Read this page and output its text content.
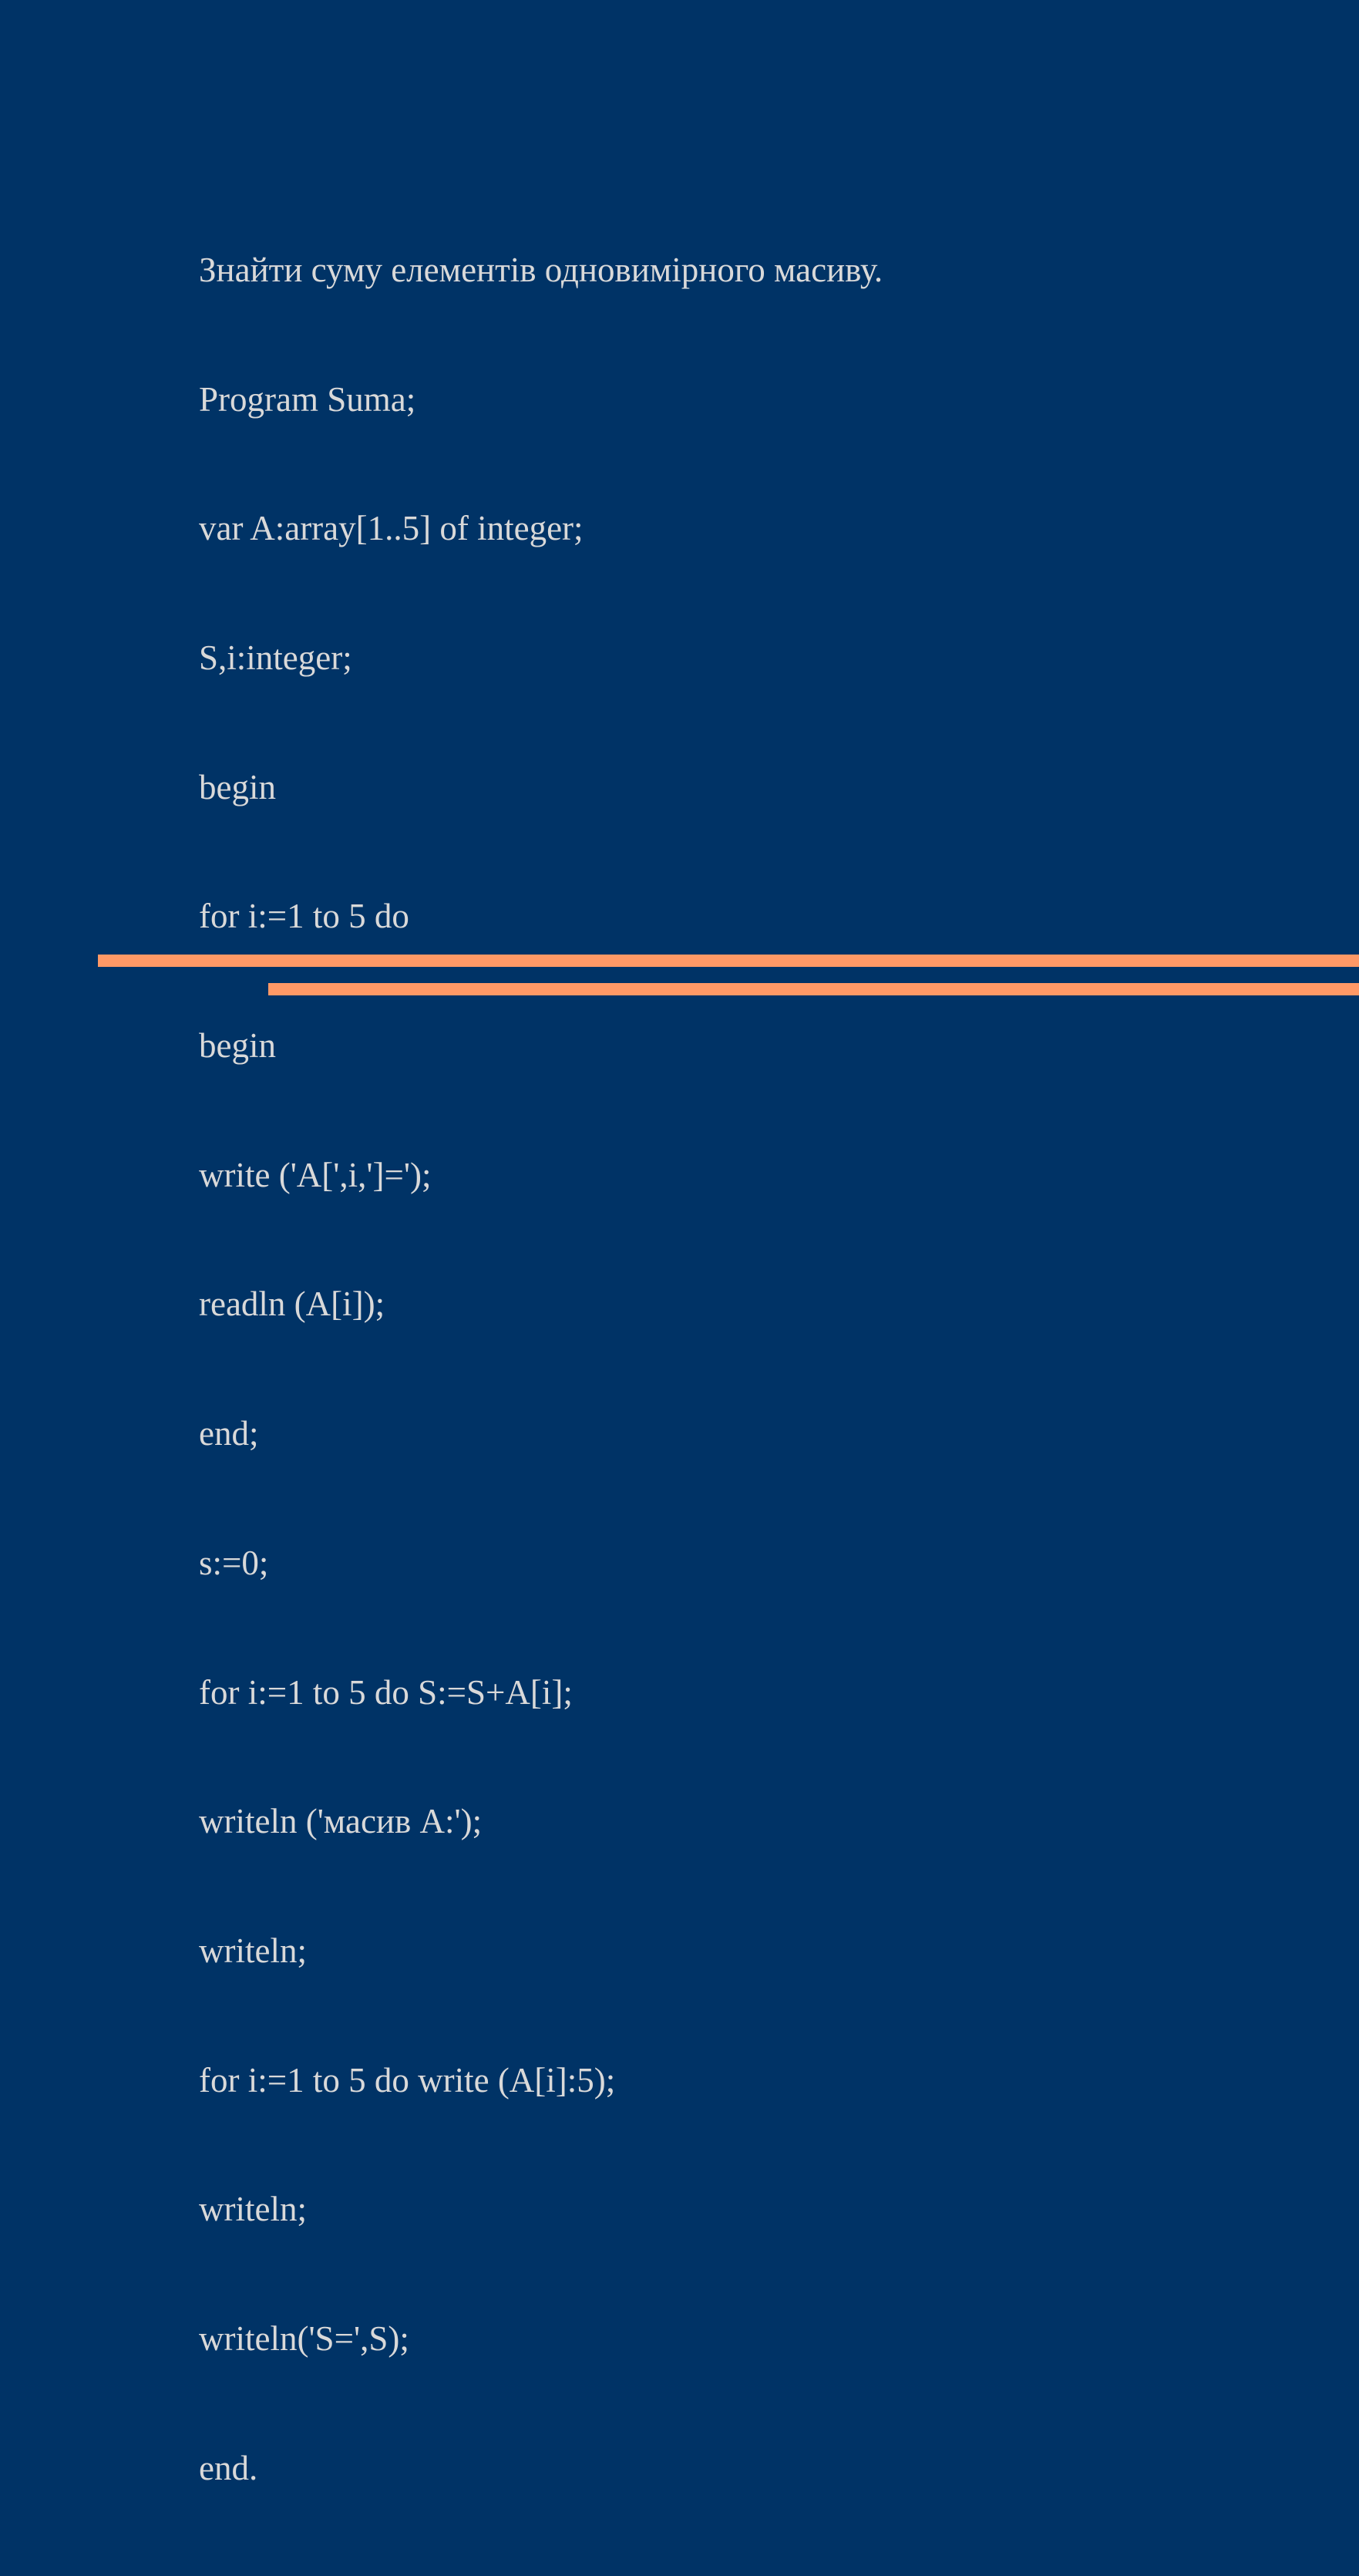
Знайти суму елементів одновимірного масиву.

Program Suma;

var A:array[1..5] of integer;

S,i:integer;

begin

for i:=1 to 5 do

begin

write ('A[',i,']=');

readln (A[i]);

end;

s:=0;

for i:=1 to 5 do S:=S+A[i];

writeln ('масив A:');

writeln;

for i:=1 to 5 do write (A[i]:5);

writeln;

writeln('S=',S);

end.
